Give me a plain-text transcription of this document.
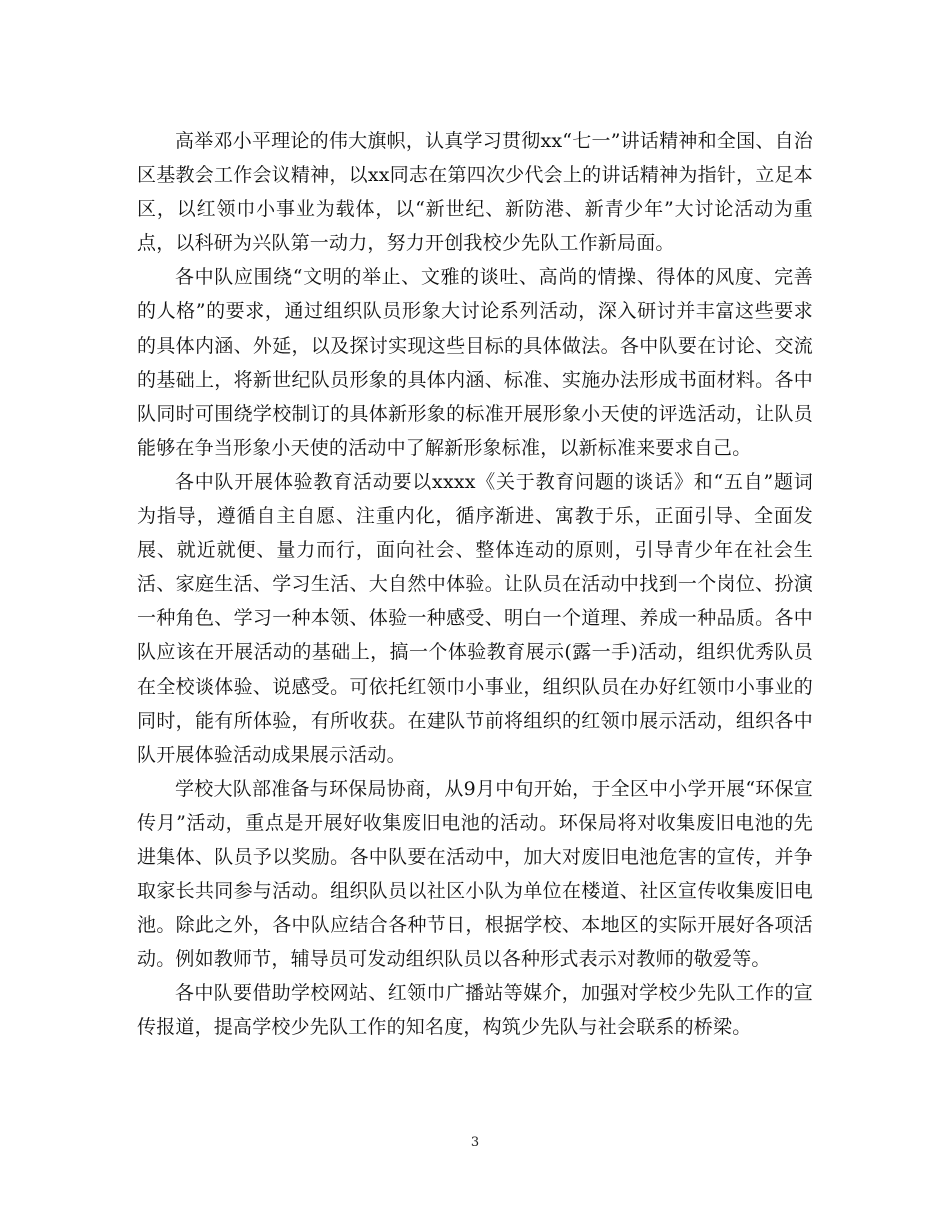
高举邓小平理论的伟大旗帜，认真学习贯彻xx“七一”讲话精神和全国、自治区基教会工作会议精神，以xx同志在第四次少代会上的讲话精神为指针，立足本区，以红领巾小事业为载体，以“新世纪、新防港、新青少年”大讨论活动为重点，以科研为兴队第一动力，努力开创我校少先队工作新局面。

各中队应围绕“文明的举止、文雅的谈吐、高尚的情操、得体的风度、完善的人格”的要求，通过组织队员形象大讨论系列活动，深入研讨并丰富这些要求的具体内涵、外延，以及探讨实现这些目标的具体做法。各中队要在讨论、交流的基础上，将新世纪队员形象的具体内涵、标准、实施办法形成书面材料。各中队同时可围绕学校制订的具体新形象的标准开展形象小天使的评选活动，让队员能够在争当形象小天使的活动中了解新形象标准，以新标准来要求自己。

各中队开展体验教育活动要以xxxx《关于教育问题的谈话》和“五自”题词为指导，遵循自主自愿、注重内化，循序渐进、寓教于乐，正面引导、全面发展、就近就便、量力而行，面向社会、整体连动的原则，引导青少年在社会生活、家庭生活、学习生活、大自然中体验。让队员在活动中找到一个岗位、扮演一种角色、学习一种本领、体验一种感受、明白一个道理、养成一种品质。各中队应该在开展活动的基础上，搞一个体验教育展示(露一手)活动，组织优秀队员在全校谈体验、说感受。可依托红领巾小事业，组织队员在办好红领巾小事业的同时，能有所体验，有所收获。在建队节前将组织的红领巾展示活动，组织各中队开展体验活动成果展示活动。

学校大队部准备与环保局协商，从9月中旬开始，于全区中小学开展“环保宣传月”活动，重点是开展好收集废旧电池的活动。环保局将对收集废旧电池的先进集体、队员予以奖励。各中队要在活动中，加大对废旧电池危害的宣传，并争取家长共同参与活动。组织队员以社区小队为单位在楼道、社区宣传收集废旧电池。除此之外，各中队应结合各种节日，根据学校、本地区的实际开展好各项活动。例如教师节，辅导员可发动组织队员以各种形式表示对教师的敬爱等。

各中队要借助学校网站、红领巾广播站等媒介，加强对学校少先队工作的宣传报道，提高学校少先队工作的知名度，构筑少先队与社会联系的桥梁。

3
